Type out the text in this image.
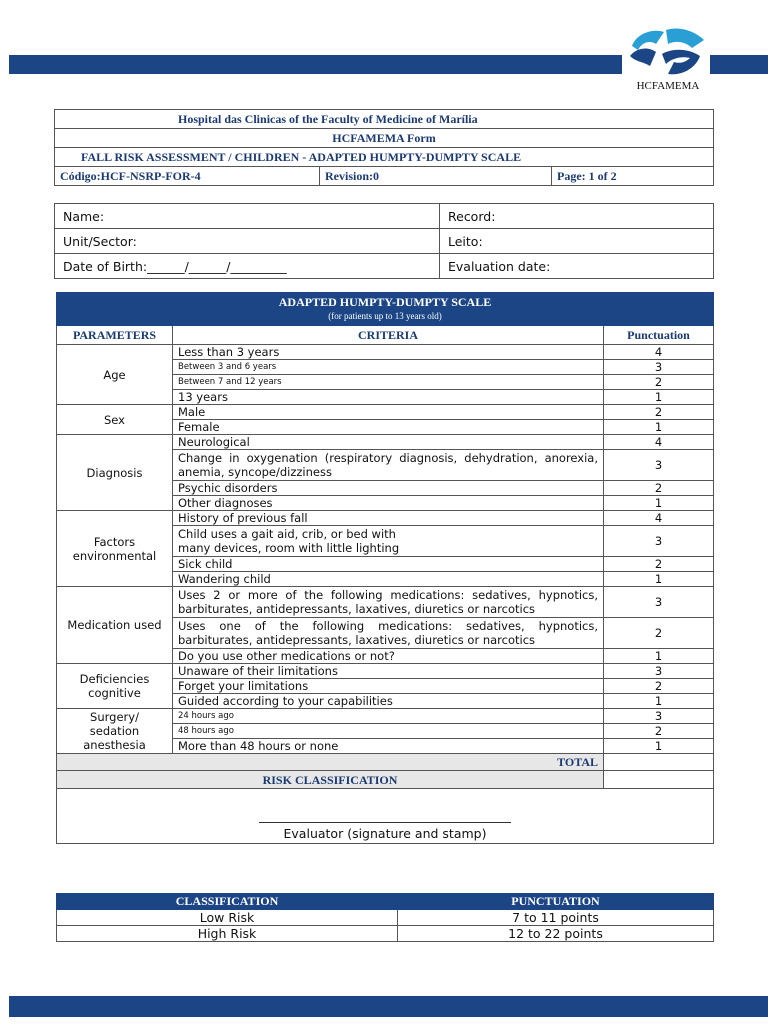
HCFAMEMA
Hospital das Clinicas of the Faculty of Medicine of Marília
HCFAMEMA Form
FALL RISK ASSESSMENT / CHILDREN - ADAPTED HUMPTY-DUMPTY SCALE
Código:HCF-NSRP-FOR-4	Revision:0	Page: 1 of 2
Name:	Record:
Unit/Sector:	Leito:
Date of Birth:______/______/_________	Evaluation date:
ADAPTED HUMPTY-DUMPTY SCALE
(for patients up to 13 years old)		

PARAMETERS	CRITERIA	Punctuation
Age	Less than 3 years	4
	Between 3 and 6 years	3
	Between 7 and 12 years	2
	13 years	1
Sex	Male	2
	Female	1
Diagnosis	Neurological	4
	Change in oxygenation (respiratory diagnosis, dehydration, anorexia, anemia, syncope/dizziness	3
	Psychic disorders	2
	Other diagnoses	1
Factors
environmental	History of previous fall	4
	Child uses a gait aid, crib, or bed with
many devices, room with little lighting	3
	Sick child	2
	Wandering child	1
Medication used	Uses 2 or more of the following medications: sedatives, hypnotics, barbiturates, antidepressants, laxatives, diuretics or narcotics	3
	Uses one of the following medications: sedatives, hypnotics, barbiturates, antidepressants, laxatives, diuretics or narcotics	2
	Do you use other medications or not?	1
Deficiencies
cognitive	Unaware of their limitations	3
	Forget your limitations	2
	Guided according to your capabilities	1
Surgery/
sedation
anesthesia	24 hours ago	3
	48 hours ago	2
	More than 48 hours or none	1
TOTAL		
RISK CLASSIFICATION		

Evaluator (signature and stamp)		
CLASSIFICATION	PUNCTUATION
Low Risk	7 to 11 points
High Risk	12 to 22 points
